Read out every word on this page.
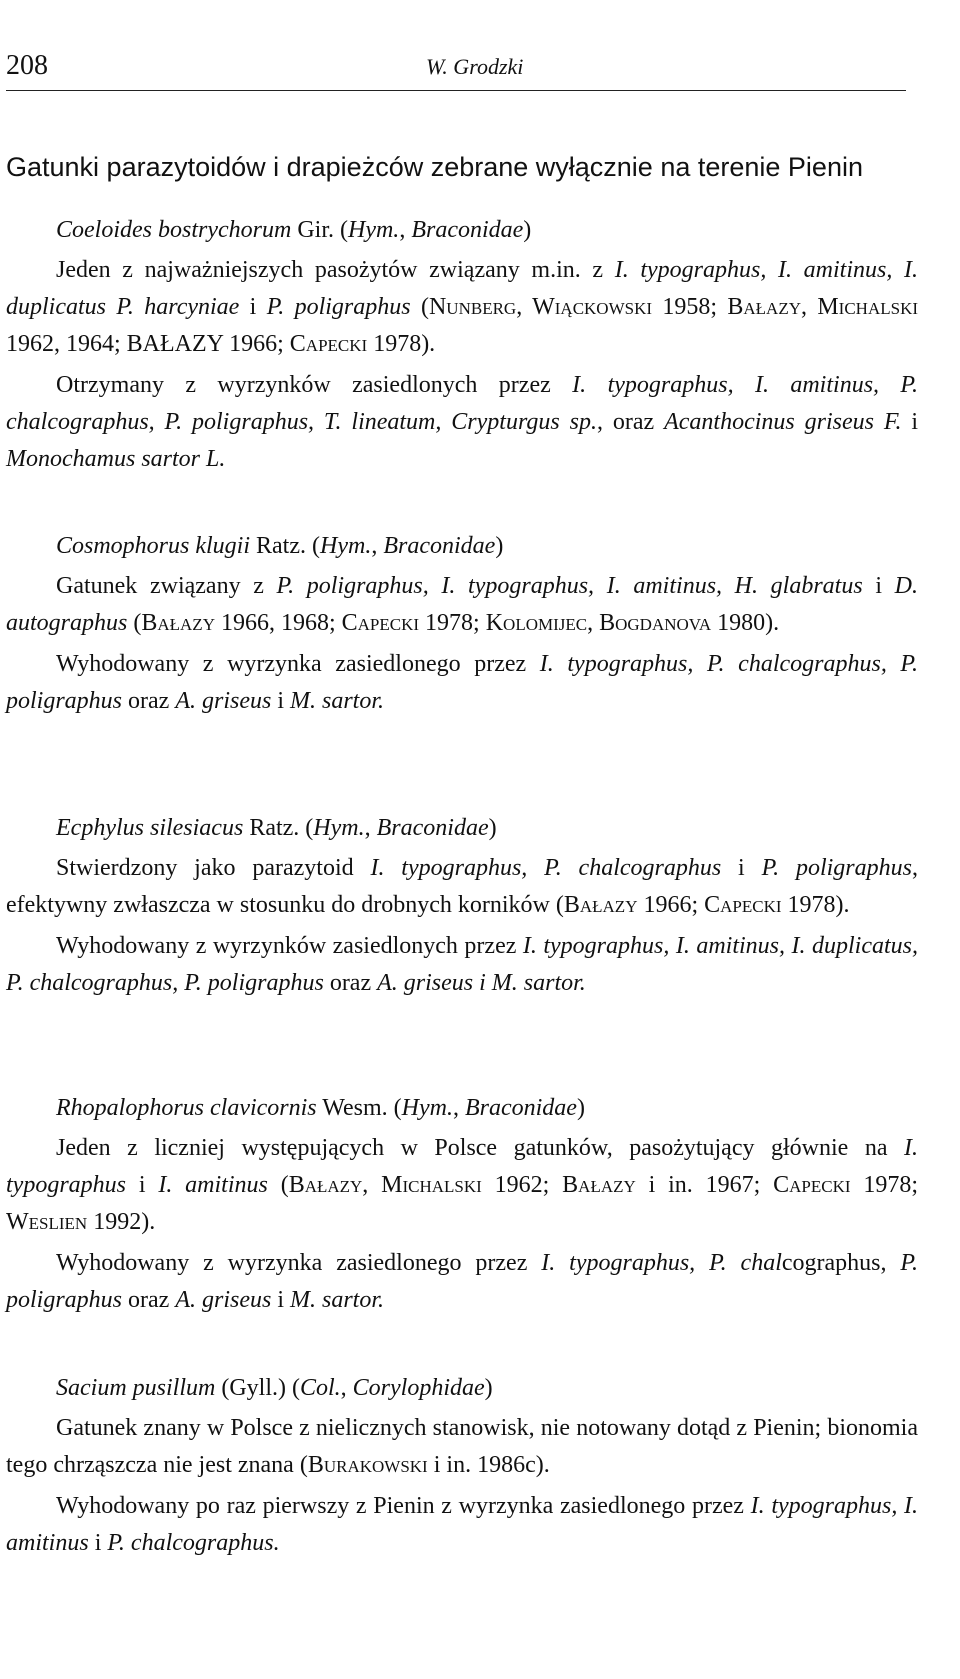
208	W. Grodzki
Gatunki parazytoidów i drapieżców zebrane wyłącznie na terenie Pienin
Coeloides bostrychorum Gir. (Hym., Braconidae)

Jeden z najważniejszych pasożytów związany m.in. z I. typographus, I. amitinus, I. duplicatus P. harcyniae i P. poligraphus (Nunberg, Wiąckowski 1958; Bałazy, Michalski 1962, 1964; BAŁAZY 1966; Capecki 1978).

Otrzymany z wyrzynków zasiedlonych przez I. typographus, I. amitinus, P. chalcographus, P. poligraphus, T. lineatum, Crypturgus sp., oraz Acanthocinus griseus F. i Monochamus sartor L.

Cosmophorus klugii Ratz. (Hym., Braconidae)

Gatunek związany z P. poligraphus, I. typographus, I. amitinus, H. glabratus i D. autographus (Bałazy 1966, 1968; Capecki 1978; Kolomijec, Bogdanova 1980).

Wyhodowany z wyrzynka zasiedlonego przez I. typographus, P. chalcographus, P. poligraphus oraz A. griseus i M. sartor.

Ecphylus silesiacus Ratz. (Hym., Braconidae)

Stwierdzony jako parazytoid I. typographus, P. chalcographus i P. poligraphus, efektywny zwłaszcza w stosunku do drobnych korników (Bałazy 1966; Capecki 1978).

Wyhodowany z wyrzynków zasiedlonych przez I. typographus, I. amitinus, I. duplicatus, P. chalcographus, P. poligraphus oraz A. griseus i M. sartor.

Rhopalophorus clavicornis Wesm. (Hym., Braconidae)

Jeden z liczniej występujących w Polsce gatunków, pasożytujący głównie na I. typographus i I. amitinus (Bałazy, Michalski 1962; Bałazy i in. 1967; Capecki 1978; Weslien 1992).

Wyhodowany z wyrzynka zasiedlonego przez I. typographus, P. chalcographus, P. poligraphus oraz A. griseus i M. sartor.

Sacium pusillum (Gyll.) (Col., Corylophidae)

Gatunek znany w Polsce z nielicznych stanowisk, nie notowany dotąd z Pienin; bionomia tego chrząszcza nie jest znana (Burakowski i in. 1986c).

Wyhodowany po raz pierwszy z Pienin z wyrzynka zasiedlonego przez I. typographus, I. amitinus i P. chalcographus.
